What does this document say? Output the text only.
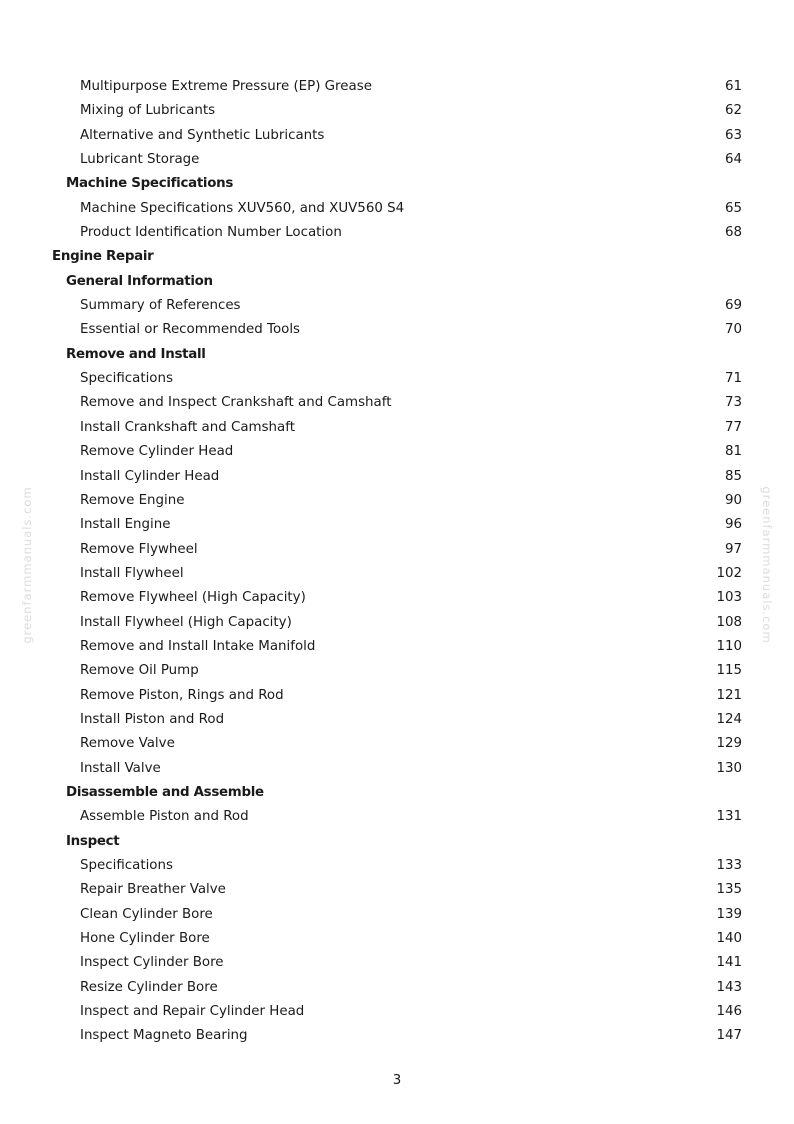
Multipurpose Extreme Pressure (EP) Grease	61
Mixing of Lubricants	62
Alternative and Synthetic Lubricants	63
Lubricant Storage	64
Machine Specifications
Machine Specifications XUV560, and XUV560 S4	65
Product Identification Number Location	68
Engine Repair
General Information
Summary of References	69
Essential or Recommended Tools	70
Remove and Install
Specifications	71
Remove and Inspect Crankshaft and Camshaft	73
Install Crankshaft and Camshaft	77
Remove Cylinder Head	81
Install Cylinder Head	85
Remove Engine	90
Install Engine	96
Remove Flywheel	97
Install Flywheel	102
Remove Flywheel (High Capacity)	103
Install Flywheel (High Capacity)	108
Remove and Install Intake Manifold	110
Remove Oil Pump	115
Remove Piston, Rings and Rod	121
Install Piston and Rod	124
Remove Valve	129
Install Valve	130
Disassemble and Assemble
Assemble Piston and Rod	131
Inspect
Specifications	133
Repair Breather Valve	135
Clean Cylinder Bore	139
Hone Cylinder Bore	140
Inspect Cylinder Bore	141
Resize Cylinder Bore	143
Inspect and Repair Cylinder Head	146
Inspect Magneto Bearing	147
greenfarmmanuals.com	greenfarmmanuals.com
3
